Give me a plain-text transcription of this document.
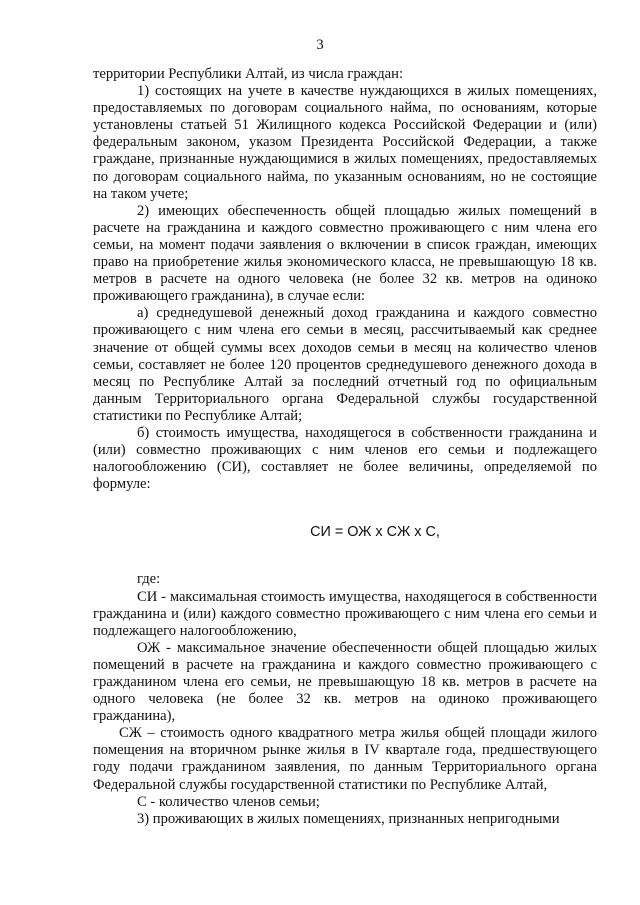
3

территории Республики Алтай, из числа граждан:

1) состоящих на учете в качестве нуждающихся в жилых помещениях, предоставляемых по договорам социального найма, по основаниям, которые установлены статьей 51 Жилищного кодекса Российской Федерации и (или) федеральным законом, указом Президента Российской Федерации, а также граждане, признанные нуждающимися в жилых помещениях, предоставляемых по договорам социального найма, по указанным основаниям, но не состоящие на таком учете;

2) имеющих обеспеченность общей площадью жилых помещений в расчете на гражданина и каждого совместно проживающего с ним члена его семьи, на момент подачи заявления о включении в список граждан, имеющих право на приобретение жилья экономического класса, не превышающую 18 кв. метров в расчете на одного человека (не более 32 кв. метров на одиноко проживающего гражданина), в случае если:

а) среднедушевой денежный доход гражданина и каждого совместно проживающего с ним члена его семьи в месяц, рассчитываемый как среднее значение от общей суммы всех доходов семьи в месяц на количество членов семьи, составляет не более 120 процентов среднедушевого денежного дохода в месяц по Республике Алтай за последний отчетный год по официальным данным Территориального органа Федеральной службы государственной статистики по Республике Алтай;

б) стоимость имущества, находящегося в собственности гражданина и (или) совместно проживающих с ним членов его семьи и подлежащего налогообложению (СИ), составляет не более величины, определяемой по формуле:

СИ = ОЖ х СЖ х С,

где:

СИ - максимальная стоимость имущества, находящегося в собственности гражданина и (или) каждого совместно проживающего с ним члена его семьи и подлежащего налогообложению,

ОЖ - максимальное значение обеспеченности общей площадью жилых помещений в расчете на гражданина и каждого совместно проживающего с гражданином члена его семьи, не превышающую 18 кв. метров в расчете на одного человека (не более 32 кв. метров на одиноко проживающего гражданина),

СЖ – стоимость одного квадратного метра жилья общей площади жилого помещения на вторичном рынке жилья в IV квартале года, предшествующего году подачи гражданином заявления, по данным Территориального органа Федеральной службы государственной статистики по Республике Алтай,

С - количество членов семьи;

3) проживающих в жилых помещениях, признанных непригодными
